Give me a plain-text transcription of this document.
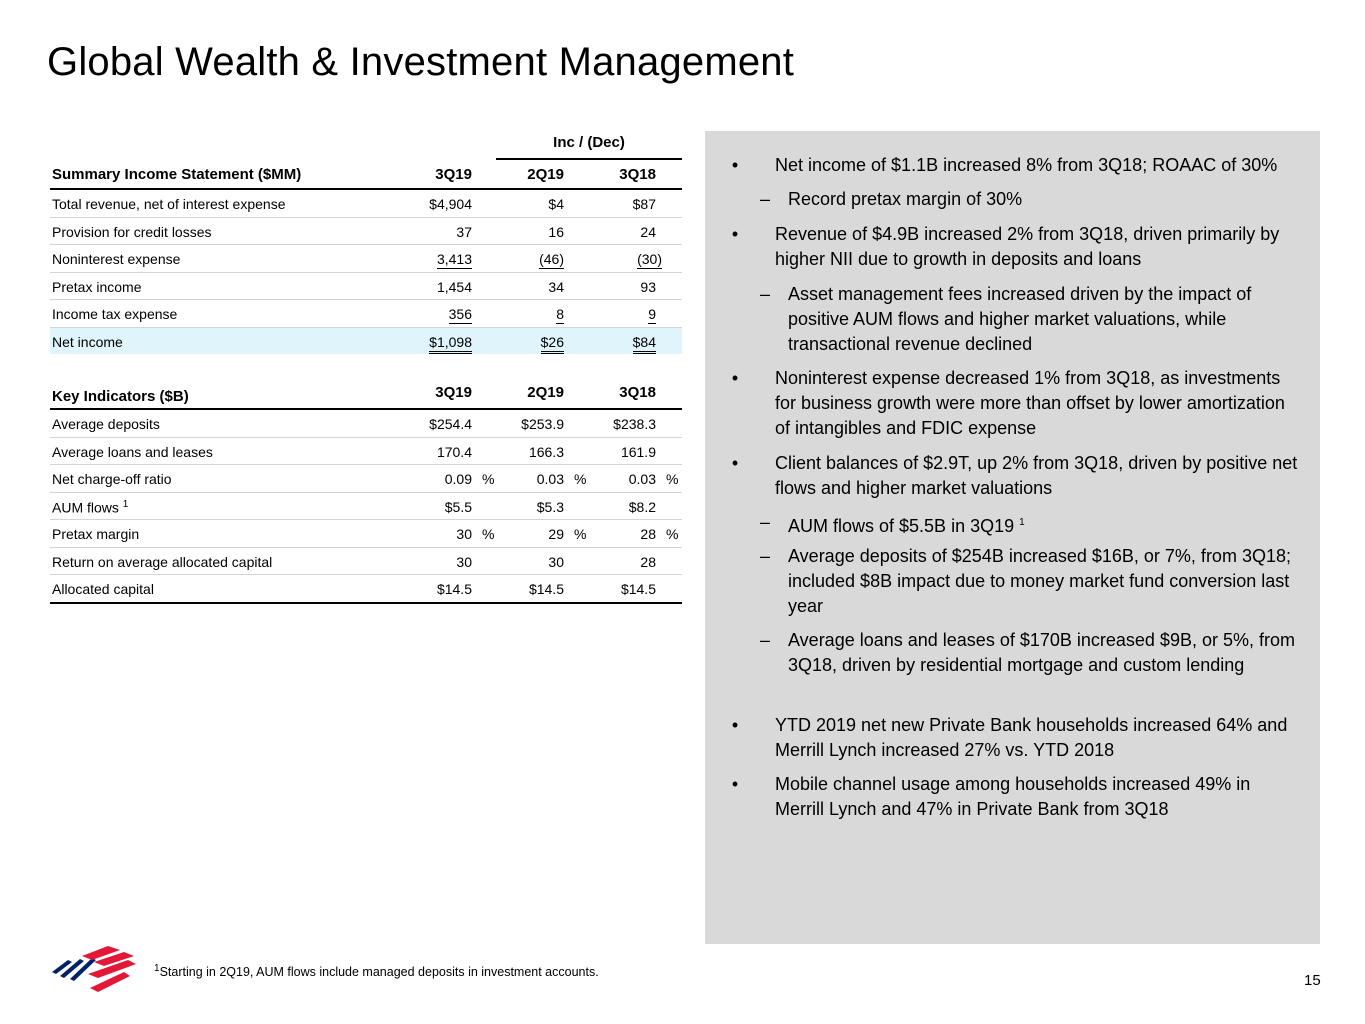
Global Wealth & Investment Management
Inc / (Dec)
Summary Income Statement ($MM)	3Q19	2Q19	3Q18
Total revenue, net of interest expense	$4,904	$4	$87
Provision for credit losses	37	16	24
Noninterest expense	3,413	(46)	(30)
Pretax income	1,454	34	93
Income tax expense	356	8	9
Net income	$1,098	$26	$84
Key Indicators ($B)	3Q19	2Q19	3Q18
Average deposits	$254.4	$253.9	$238.3
Average loans and leases	170.4	166.3	161.9
Net charge-off ratio	0.09 %	0.03 %	0.03 %
AUM flows $^1$	$5.5	$5.3	$8.2
Pretax margin	30 %	29 %	28 %
Return on average allocated capital	30	30	28
Allocated capital	$14.5	$14.5	$14.5
•	Net income of $1.1B increased 8% from 3Q18; ROAAC of 30%
– Record pretax margin of 30%
•	Revenue of $4.9B increased 2% from 3Q18, driven primarily by higher NII due to growth in deposits and loans
– Asset management fees increased driven by the impact of positive AUM flows and higher market valuations, while transactional revenue declined
•	Noninterest expense decreased 1% from 3Q18, as investments for business growth were more than offset by lower amortization of intangibles and FDIC expense
•	Client balances of $2.9T, up 2% from 3Q18, driven by positive net flows and higher market valuations
– AUM flows of $5.5B in 3Q19 $^1$
– Average deposits of $254B increased $16B, or 7%, from 3Q18; included $8B impact due to money market fund conversion last year
– Average loans and leases of $170B increased $9B, or 5%, from 3Q18, driven by residential mortgage and custom lending
•	YTD 2019 net new Private Bank households increased 64% and Merrill Lynch increased 27% vs. YTD 2018
•	Mobile channel usage among households increased 49% in Merrill Lynch and 47% in Private Bank from 3Q18
$^1$Starting in 2Q19, AUM flows include managed deposits in investment accounts.	15
